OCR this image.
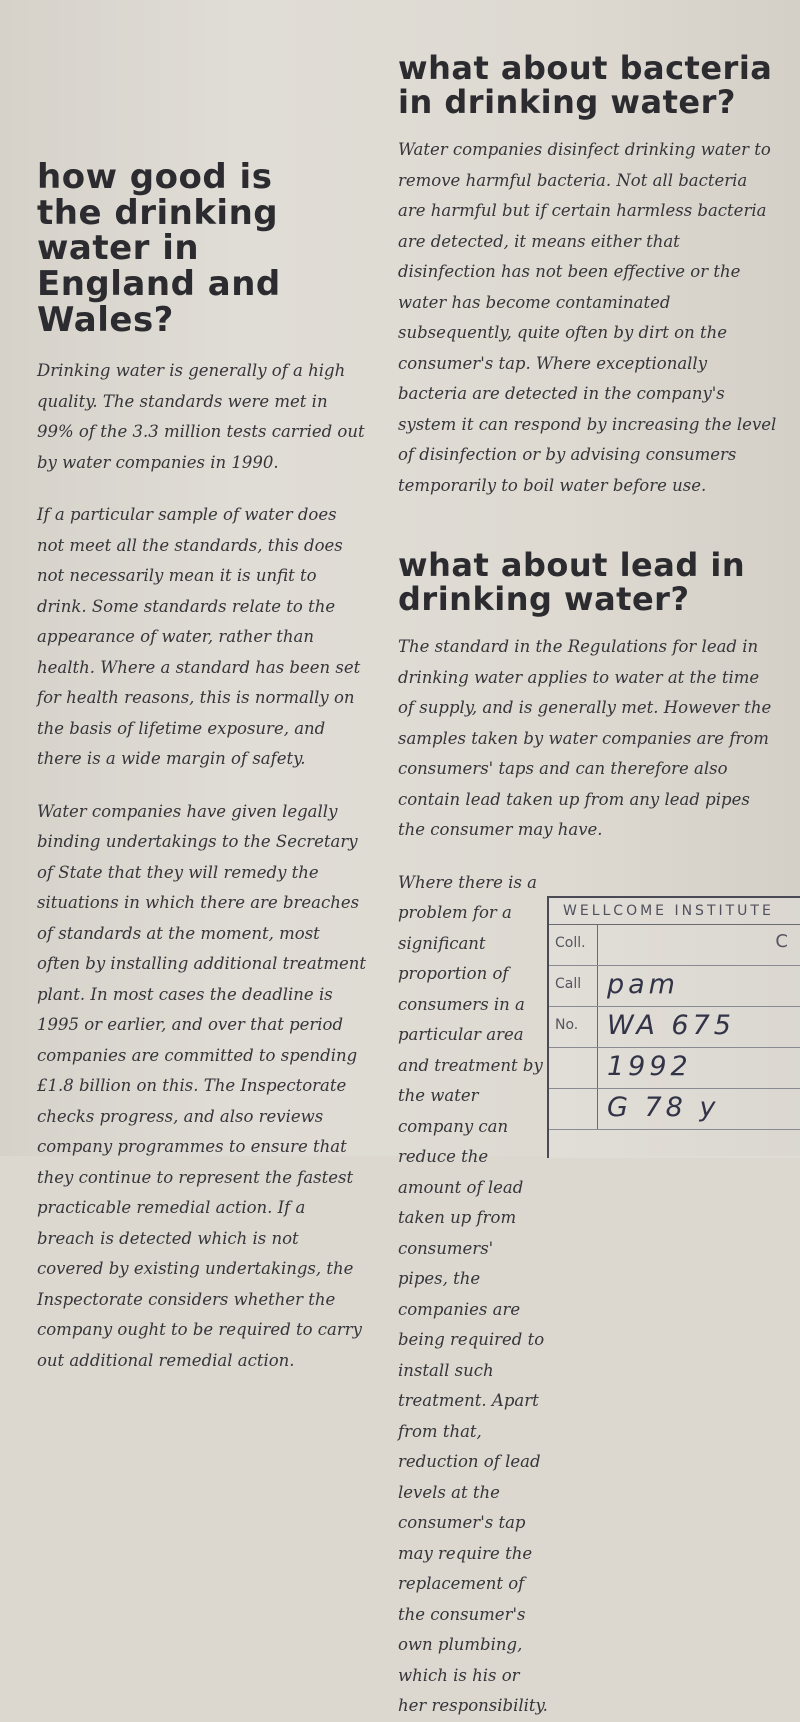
how good is the drinking water in England and Wales?

Drinking water is generally of a high quality. The standards were met in 99% of the 3.3 million tests carried out by water companies in 1990.

If a particular sample of water does not meet all the standards, this does not necessarily mean it is unfit to drink. Some standards relate to the appearance of water, rather than health. Where a standard has been set for health reasons, this is normally on the basis of lifetime exposure, and there is a wide margin of safety.

Water companies have given legally binding undertakings to the Secretary of State that they will remedy the situations in which there are breaches of standards at the moment, most often by installing additional treatment plant. In most cases the deadline is 1995 or earlier, and over that period companies are committed to spending £1.8 billion on this. The Inspectorate checks progress, and also reviews company programmes to ensure that they continue to represent the fastest practicable remedial action. If a breach is detected which is not covered by existing undertakings, the Inspectorate considers whether the company ought to be required to carry out additional remedial action.

what about bacteria in drinking water?

Water companies disinfect drinking water to remove harmful bacteria. Not all bacteria are harmful but if certain harmless bacteria are detected, it means either that disinfection has not been effective or the water has become contaminated subsequently, quite often by dirt on the consumer's tap. Where exceptionally bacteria are detected in the company's system it can respond by increasing the level of disinfection or by advising consumers temporarily to boil water before use.

what about lead in drinking water?

The standard in the Regulations for lead in drinking water applies to water at the time of supply, and is generally met. However the samples taken by water companies are from consumers' taps and can therefore also contain lead taken up from any lead pipes the consumer may have.

Where there is a problem for a significant proportion of consumers in a particular area and treatment by the water company can reduce the amount of lead taken up from consumers' pipes, the companies are being required to install such treatment. Apart from that, reduction of lead levels at the consumer's tap may require the replacement of the consumer's own plumbing, which is his or her responsibility.

WELLCOME INSTITUTE
Coll.	C
Call pam
No. WA 675
1992
G 78 y
